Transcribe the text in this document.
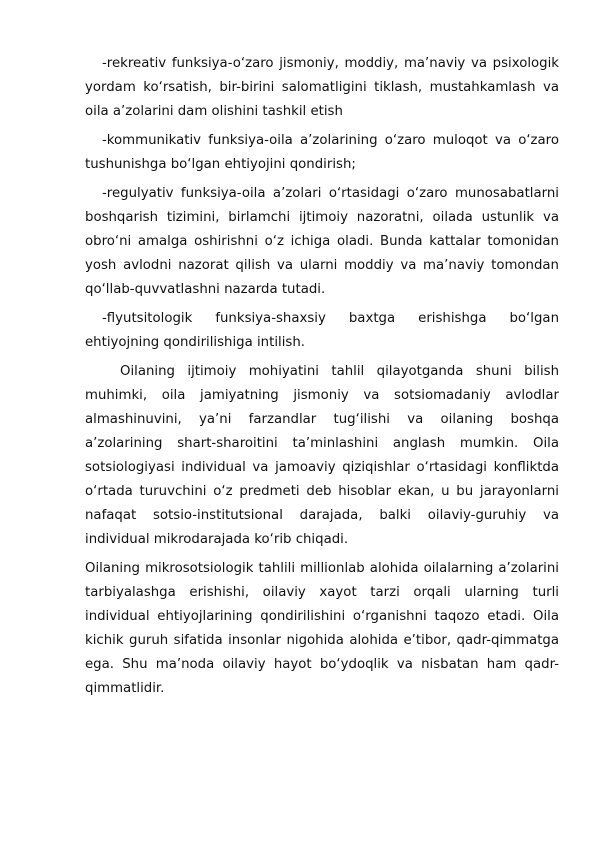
-rekreativ funksiya-o‘zaro jismoniy, moddiy, ma’naviy va psixologik yordam ko‘rsatish, bir-birini salomatligini tiklash, mustahkamlash va oila a’zolarini dam olishini tashkil etish

-kommunikativ funksiya-oila a’zolarining o‘zaro muloqot va o‘zaro tushunishga bo‘lgan ehtiyojini qondirish;

-regulyativ funksiya-oila a’zolari o‘rtasidagi o‘zaro munosabatlarni boshqarish tizimini, birlamchi ijtimoiy nazoratni, oilada ustunlik va obro‘ni amalga oshirishni o‘z ichiga oladi. Bunda kattalar tomonidan yosh avlodni nazorat qilish va ularni moddiy va ma’naviy tomondan qo‘llab-quvvatlashni nazarda tutadi.

-flyutsitologik funksiya-shaxsiy baxtga erishishga bo‘lgan ehtiyojning qondirilishiga intilish.

Oilaning ijtimoiy mohiyatini tahlil qilayotganda shuni bilish muhimki, oila jamiyatning jismoniy va sotsiomadaniy avlodlar almashinuvini, ya’ni farzandlar tug‘ilishi va oilaning boshqa a’zolarining shart-sharoitini ta’minlashini anglash mumkin. Oila sotsiologiyasi individual va jamoaviy qiziqishlar o‘rtasidagi konfliktda o‘rtada turuvchini o‘z predmeti deb hisoblar ekan, u bu jarayonlarni nafaqat sotsio-institutsional darajada, balki oilaviy-guruhiy va individual mikrodarajada ko‘rib chiqadi.

Oilaning mikrosotsiologik tahlili millionlab alohida oilalarning a’zolarini tarbiyalashga erishishi, oilaviy xayot tarzi orqali ularning turli individual ehtiyojlarining qondirilishini o‘rganishni taqozo etadi. Oila kichik guruh sifatida insonlar nigohida alohida e’tibor, qadr-qimmatga ega. Shu ma’noda oilaviy hayot bo‘ydoqlik va nisbatan ham qadr-qimmatlidir.
